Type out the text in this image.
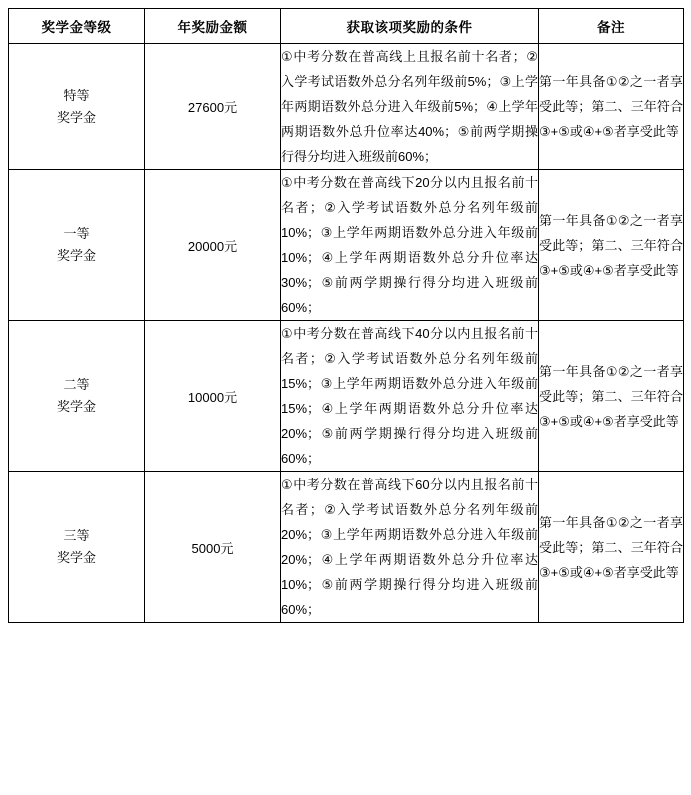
奖学金等级	年奖励金额	获取该项奖励的条件	备注

特等
奖学金	27600元	①中考分数在普高线上且报名前十名者；②入学考试语数外总分名列年级前5%；③上学年两期语数外总分进入年级前5%；④上学年两期语数外总升位率达40%；⑤前两学期操行得分均进入班级前60%；	第一年具备①②之一者享受此等；第二、三年符合③+⑤或④+⑤者享受此等

一等
奖学金	20000元	①中考分数在普高线下20分以内且报名前十名者；②入学考试语数外总分名列年级前10%；③上学年两期语数外总分进入年级前10%；④上学年两期语数外总分升位率达30%；⑤前两学期操行得分均进入班级前60%；	第一年具备①②之一者享受此等；第二、三年符合③+⑤或④+⑤者享受此等

二等
奖学金	10000元	①中考分数在普高线下40分以内且报名前十名者；②入学考试语数外总分名列年级前15%；③上学年两期语数外总分进入年级前15%；④上学年两期语数外总分升位率达20%；⑤前两学期操行得分均进入班级前60%；	第一年具备①②之一者享受此等；第二、三年符合③+⑤或④+⑤者享受此等

三等
奖学金	5000元	①中考分数在普高线下60分以内且报名前十名者；②入学考试语数外总分名列年级前20%；③上学年两期语数外总分进入年级前20%；④上学年两期语数外总分升位率达10%；⑤前两学期操行得分均进入班级前60%；	第一年具备①②之一者享受此等；第二、三年符合③+⑤或④+⑤者享受此等
